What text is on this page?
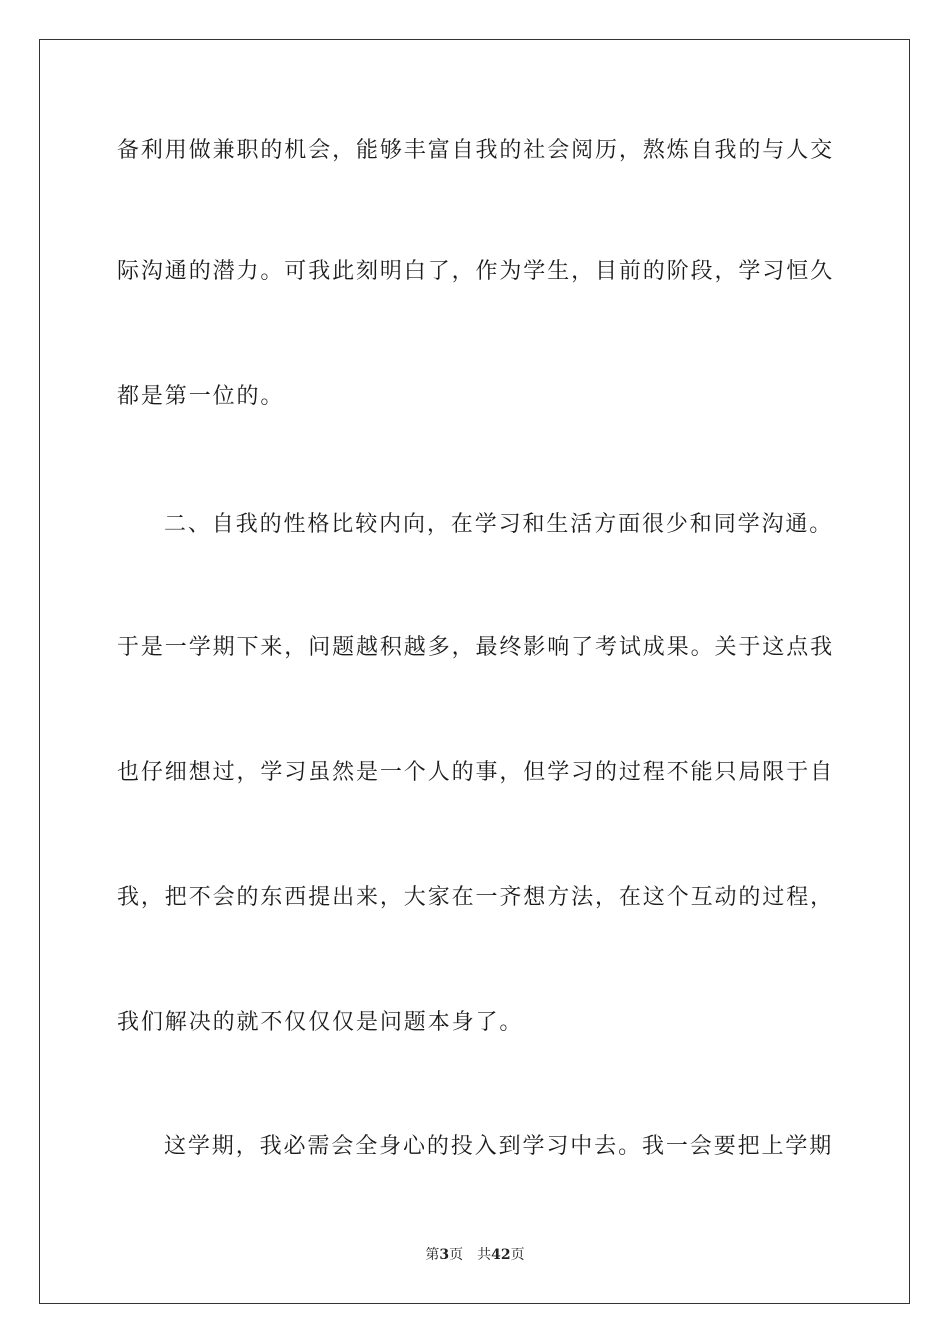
备利用做兼职的机会，能够丰富自我的社会阅历，熬炼自我的与人交
际沟通的潜力。可我此刻明白了，作为学生，目前的阶段，学习恒久
都是第一位的。
二、自我的性格比较内向，在学习和生活方面很少和同学沟通。
于是一学期下来，问题越积越多，最终影响了考试成果。关于这点我
也仔细想过，学习虽然是一个人的事，但学习的过程不能只局限于自
我，把不会的东西提出来，大家在一齐想方法，在这个互动的过程，
我们解决的就不仅仅仅是问题本身了。
这学期，我必需会全身心的投入到学习中去。我一会要把上学期
第3页 共42页
